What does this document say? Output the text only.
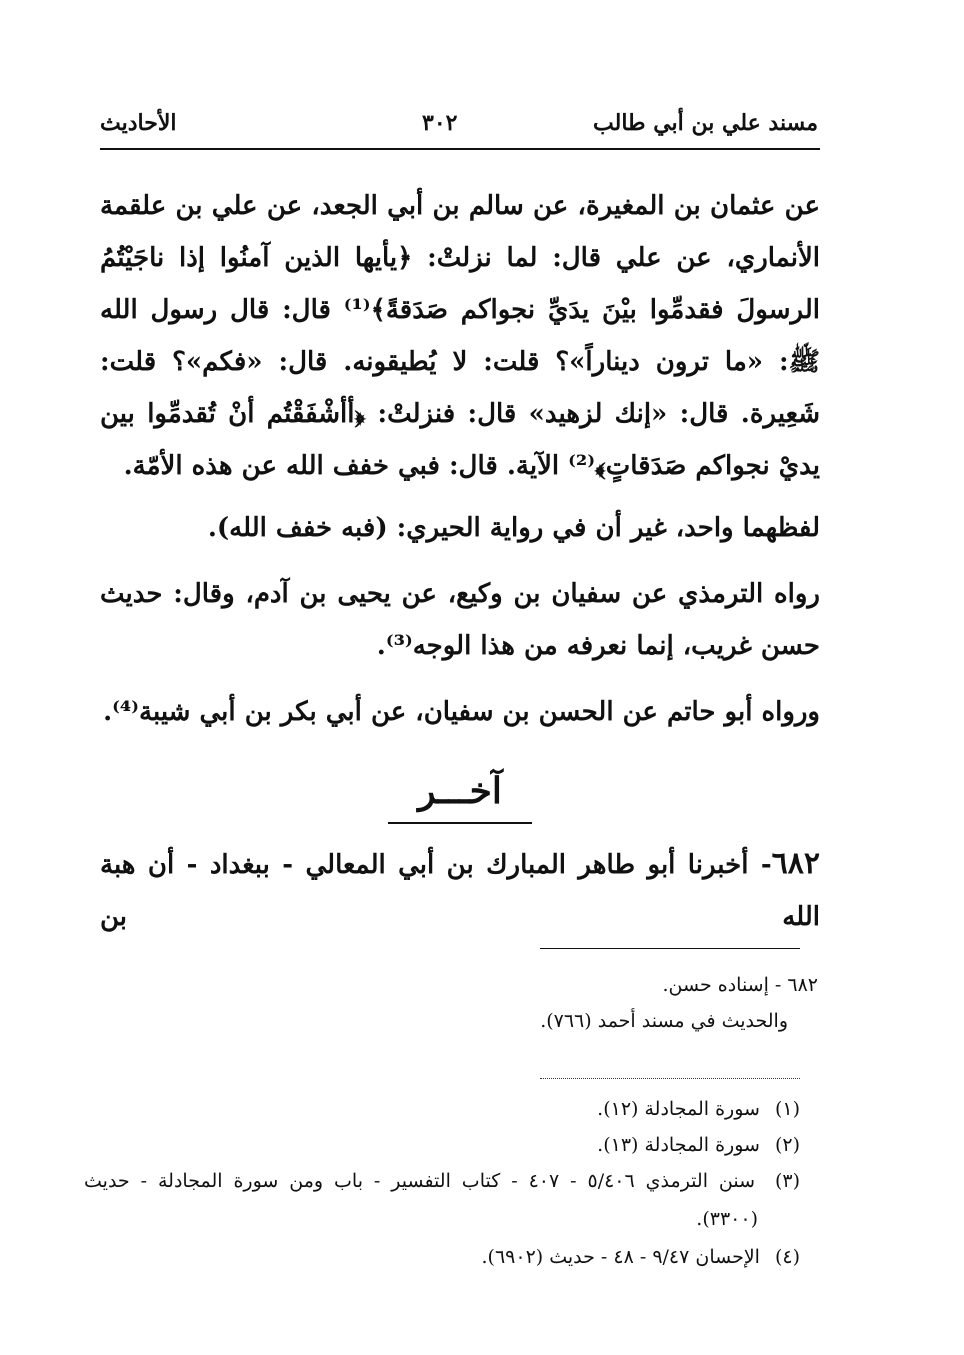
مسند علي بن أبي طالب
٣٠٢
الأحاديث
عن عثمان بن المغيرة، عن سالم بن أبي الجعد، عن علي بن علقمة الأنماري، عن علي قال: لما نزلتْ: ﴿يأيها الذين آمنُوا إذا ناجَيْتُمُ الرسولَ فقدمِّوا بيْنَ يدَيِّ نجواكم صَدَقةً﴾⁽¹⁾ قال: قال رسول الله ﷺ: «ما ترون ديناراً»؟ قلت: لا يُطيقونه. قال: «فكم»؟ قلت: شَعِيرة. قال: «إنك لزهيد» قال: فنزلتْ: ﴿أأشْفَقْتُم أنْ تُقدمِّوا بين يديْ نجواكم صَدَقاتٍ﴾⁽²⁾ الآية. قال: فبي خفف الله عن هذه الأمّة.
لفظهما واحد، غير أن في رواية الحيري: (فبه خفف الله).
رواه الترمذي عن سفيان بن وكيع، عن يحيى بن آدم، وقال: حديث حسن غريب، إنما نعرفه من هذا الوجه⁽³⁾.
ورواه أبو حاتم عن الحسن بن سفيان، عن أبي بكر بن أبي شيبة⁽⁴⁾.
آخـــر
٦٨٢- أخبرنا أبو طاهر المبارك بن أبي المعالي - ببغداد - أن هبة الله بن
٦٨٢ - إسناده حسن.
والحديث في مسند أحمد (٧٦٦).
(١) سورة المجادلة (١٢).
(٢) سورة المجادلة (١٣).
(٣) سنن الترمذي ٥/٤٠٦ - ٤٠٧ - كتاب التفسير - باب ومن سورة المجادلة - حديث
(٣٣٠٠).
(٤) الإحسان ٩/٤٧ - ٤٨ - حديث (٦٩٠٢).
